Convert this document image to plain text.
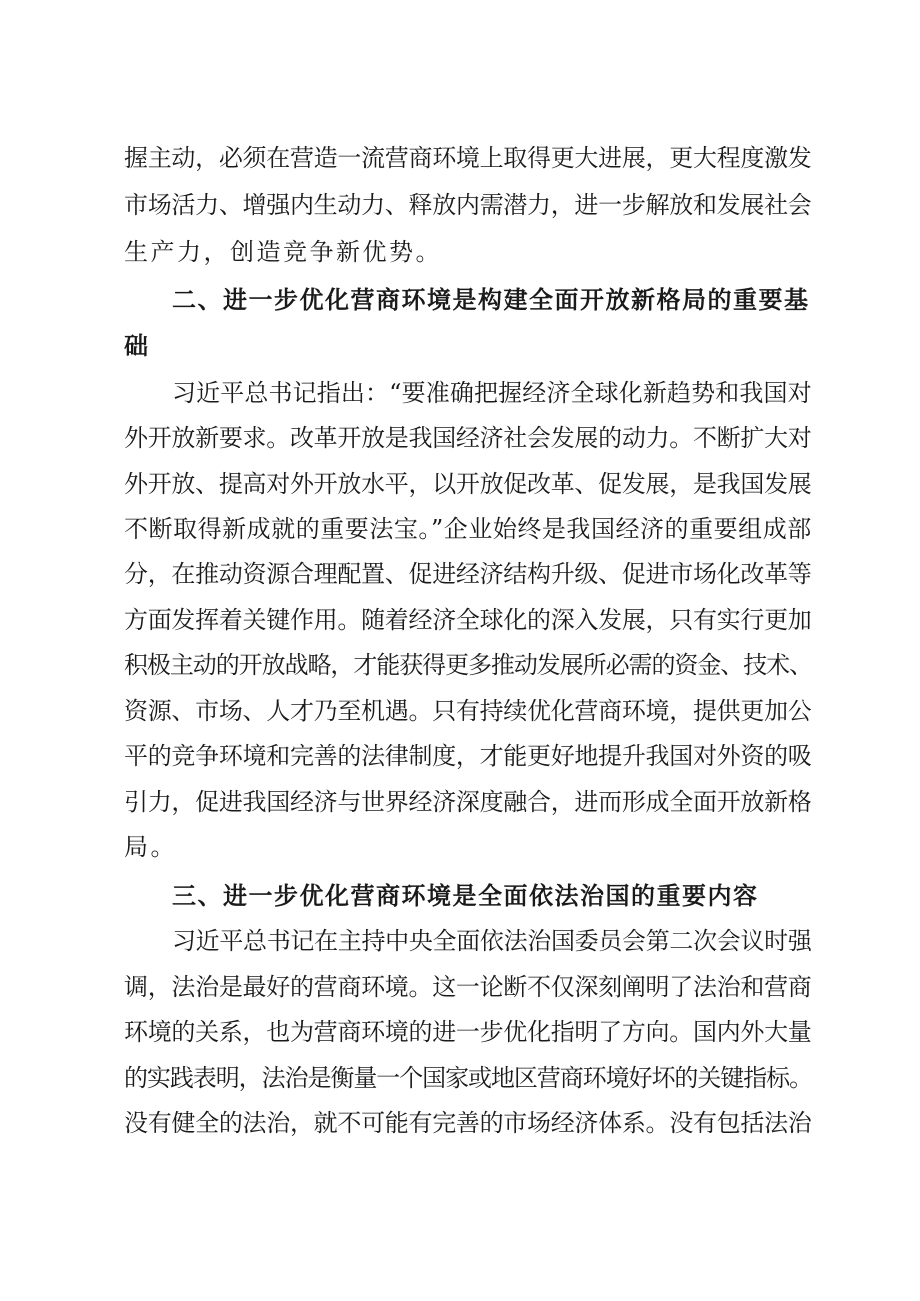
握主动，必须在营造一流营商环境上取得更大进展，更大程度激发
市场活力、增强内生动力、释放内需潜力，进一步解放和发展社会
生产力，创造竞争新优势。
二、进一步优化营商环境是构建全面开放新格局的重要基
础
习近平总书记指出：“要准确把握经济全球化新趋势和我国对
外开放新要求。改革开放是我国经济社会发展的动力。不断扩大对
外开放、提高对外开放水平，以开放促改革、促发展，是我国发展
不断取得新成就的重要法宝。”企业始终是我国经济的重要组成部
分，在推动资源合理配置、促进经济结构升级、促进市场化改革等
方面发挥着关键作用。随着经济全球化的深入发展，只有实行更加
积极主动的开放战略，才能获得更多推动发展所必需的资金、技术、
资源、市场、人才乃至机遇。只有持续优化营商环境，提供更加公
平的竞争环境和完善的法律制度，才能更好地提升我国对外资的吸
引力，促进我国经济与世界经济深度融合，进而形成全面开放新格
局。
三、进一步优化营商环境是全面依法治国的重要内容
习近平总书记在主持中央全面依法治国委员会第二次会议时强
调，法治是最好的营商环境。这一论断不仅深刻阐明了法治和营商
环境的关系，也为营商环境的进一步优化指明了方向。国内外大量
的实践表明，法治是衡量一个国家或地区营商环境好坏的关键指标。
没有健全的法治，就不可能有完善的市场经济体系。没有包括法治
